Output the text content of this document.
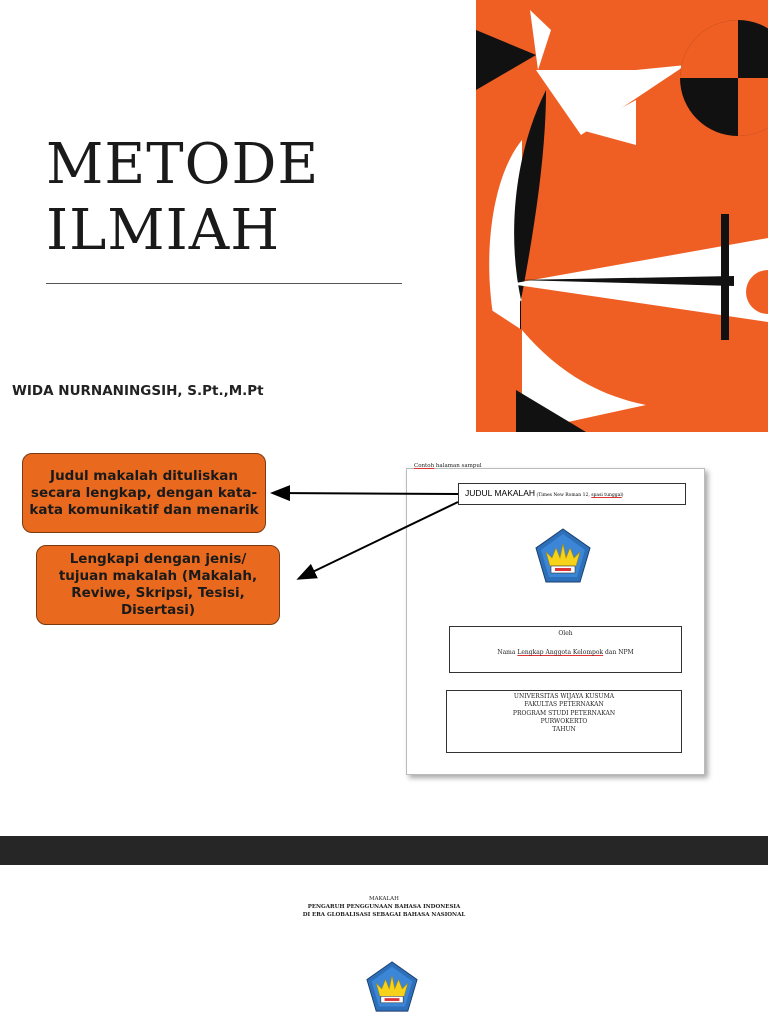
METODE
ILMIAH
WIDA NURNANINGSIH, S.Pt.,M.Pt
Judul makalah dituliskan secara lengkap, dengan kata-kata komunikatif dan menarik
Lengkapi dengan jenis/ tujuan makalah (Makalah, Reviwe, Skripsi, Tesisi, Disertasi)
Contoh halaman sampul
JUDUL MAKALAH (Times New Roman 12, spasi tunggal)
Oleh
Nama Lengkap Anggota Kelompok dan NPM
UNIVERSITAS WIJAYA KUSUMA
FAKULTAS PETERNAKAN
PROGRAM STUDI PETERNAKAN
PURWOKERTO
TAHUN
MAKALAH
PENGARUH PENGGUNAAN BAHASA INDONESIA
DI ERA GLOBALISASI SEBAGAI BAHASA NASIONAL
